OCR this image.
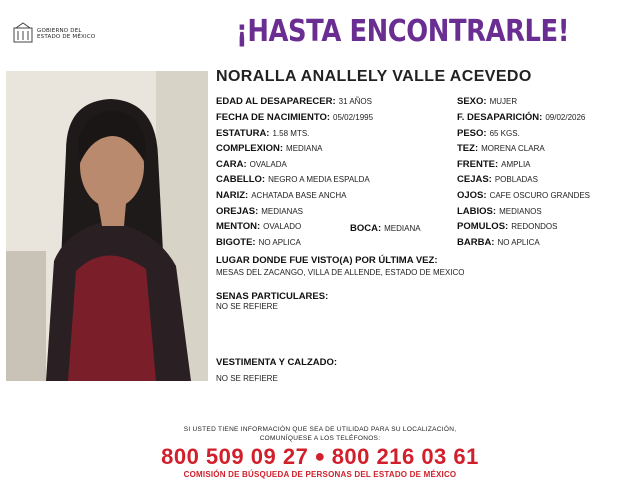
GOBIERNO DEL
ESTADO DE MÉXICO	¡HASTA ENCONTRARLE!
NORALLA ANALLELY VALLE ACEVEDO
EDAD AL DESAPARECER: 31 AÑOS
FECHA DE NACIMIENTO: 05/02/1995
ESTATURA: 1.58 MTS.
COMPLEXION: MEDIANA
CARA: OVALADA
CABELLO: NEGRO A MEDIA ESPALDA
NARIZ: ACHATADA BASE ANCHA
OREJAS: MEDIANAS
MENTON: OVALADO	BOCA: MEDIANA
BIGOTE: NO APLICA
SEXO: MUJER
F. DESAPARICIÓN: 09/02/2026
PESO: 65 KGS.
TEZ: MORENA CLARA
FRENTE: AMPLIA
CEJAS: POBLADAS
OJOS: CAFE OSCURO GRANDES
LABIOS: MEDIANOS
POMULOS: REDONDOS
BARBA: NO APLICA
LUGAR DONDE FUE VISTO(A) POR ÚLTIMA VEZ:
MESAS DEL ZACANGO, VILLA DE ALLENDE, ESTADO DE MEXICO
SENAS PARTICULARES:
NO SE REFIERE
VESTIMENTA Y CALZADO:
NO SE REFIERE
SI USTED TIENE INFORMACIÓN QUE SEA DE UTILIDAD PARA SU LOCALIZACIÓN,
COMUNÍQUESE A LOS TELÉFONOS:
800 509 09 27 ● 800 216 03 61
COMISIÓN DE BÚSQUEDA DE PERSONAS DEL ESTADO DE MÉXICO
